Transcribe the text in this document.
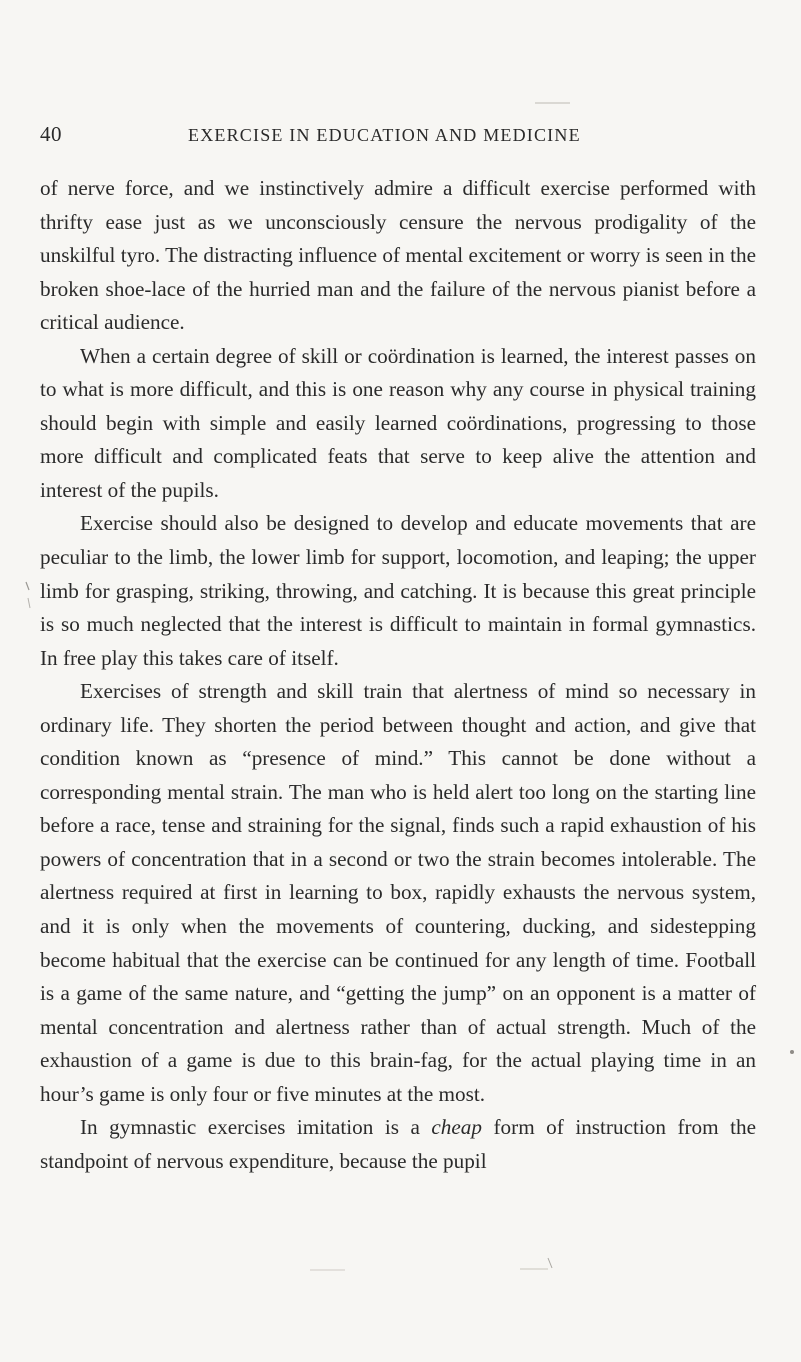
40	EXERCISE IN EDUCATION AND MEDICINE

of nerve force, and we instinctively admire a difficult exercise performed with thrifty ease just as we unconsciously censure the nervous prodigality of the unskilful tyro. The distracting influence of mental excitement or worry is seen in the broken shoe-lace of the hurried man and the failure of the nervous pianist before a critical audience.

When a certain degree of skill or coördination is learned, the interest passes on to what is more difficult, and this is one reason why any course in physical training should begin with simple and easily learned coördinations, progressing to those more difficult and complicated feats that serve to keep alive the attention and interest of the pupils.

Exercise should also be designed to develop and educate movements that are peculiar to the limb, the lower limb for support, locomotion, and leaping; the upper limb for grasping, striking, throwing, and catching. It is because this great principle is so much neglected that the interest is difficult to maintain in formal gymnastics. In free play this takes care of itself.

Exercises of strength and skill train that alertness of mind so necessary in ordinary life. They shorten the period between thought and action, and give that condition known as “presence of mind.” This cannot be done without a corresponding mental strain. The man who is held alert too long on the starting line before a race, tense and straining for the signal, finds such a rapid exhaustion of his powers of concentration that in a second or two the strain becomes intolerable. The alertness required at first in learning to box, rapidly exhausts the nervous system, and it is only when the movements of countering, ducking, and sidestepping become habitual that the exercise can be continued for any length of time. Football is a game of the same nature, and “getting the jump” on an opponent is a matter of mental concentration and alertness rather than of actual strength. Much of the exhaustion of a game is due to this brain-fag, for the actual playing time in an hour’s game is only four or five minutes at the most.

In gymnastic exercises imitation is a cheap form of instruction from the standpoint of nervous expenditure, because the pupil
